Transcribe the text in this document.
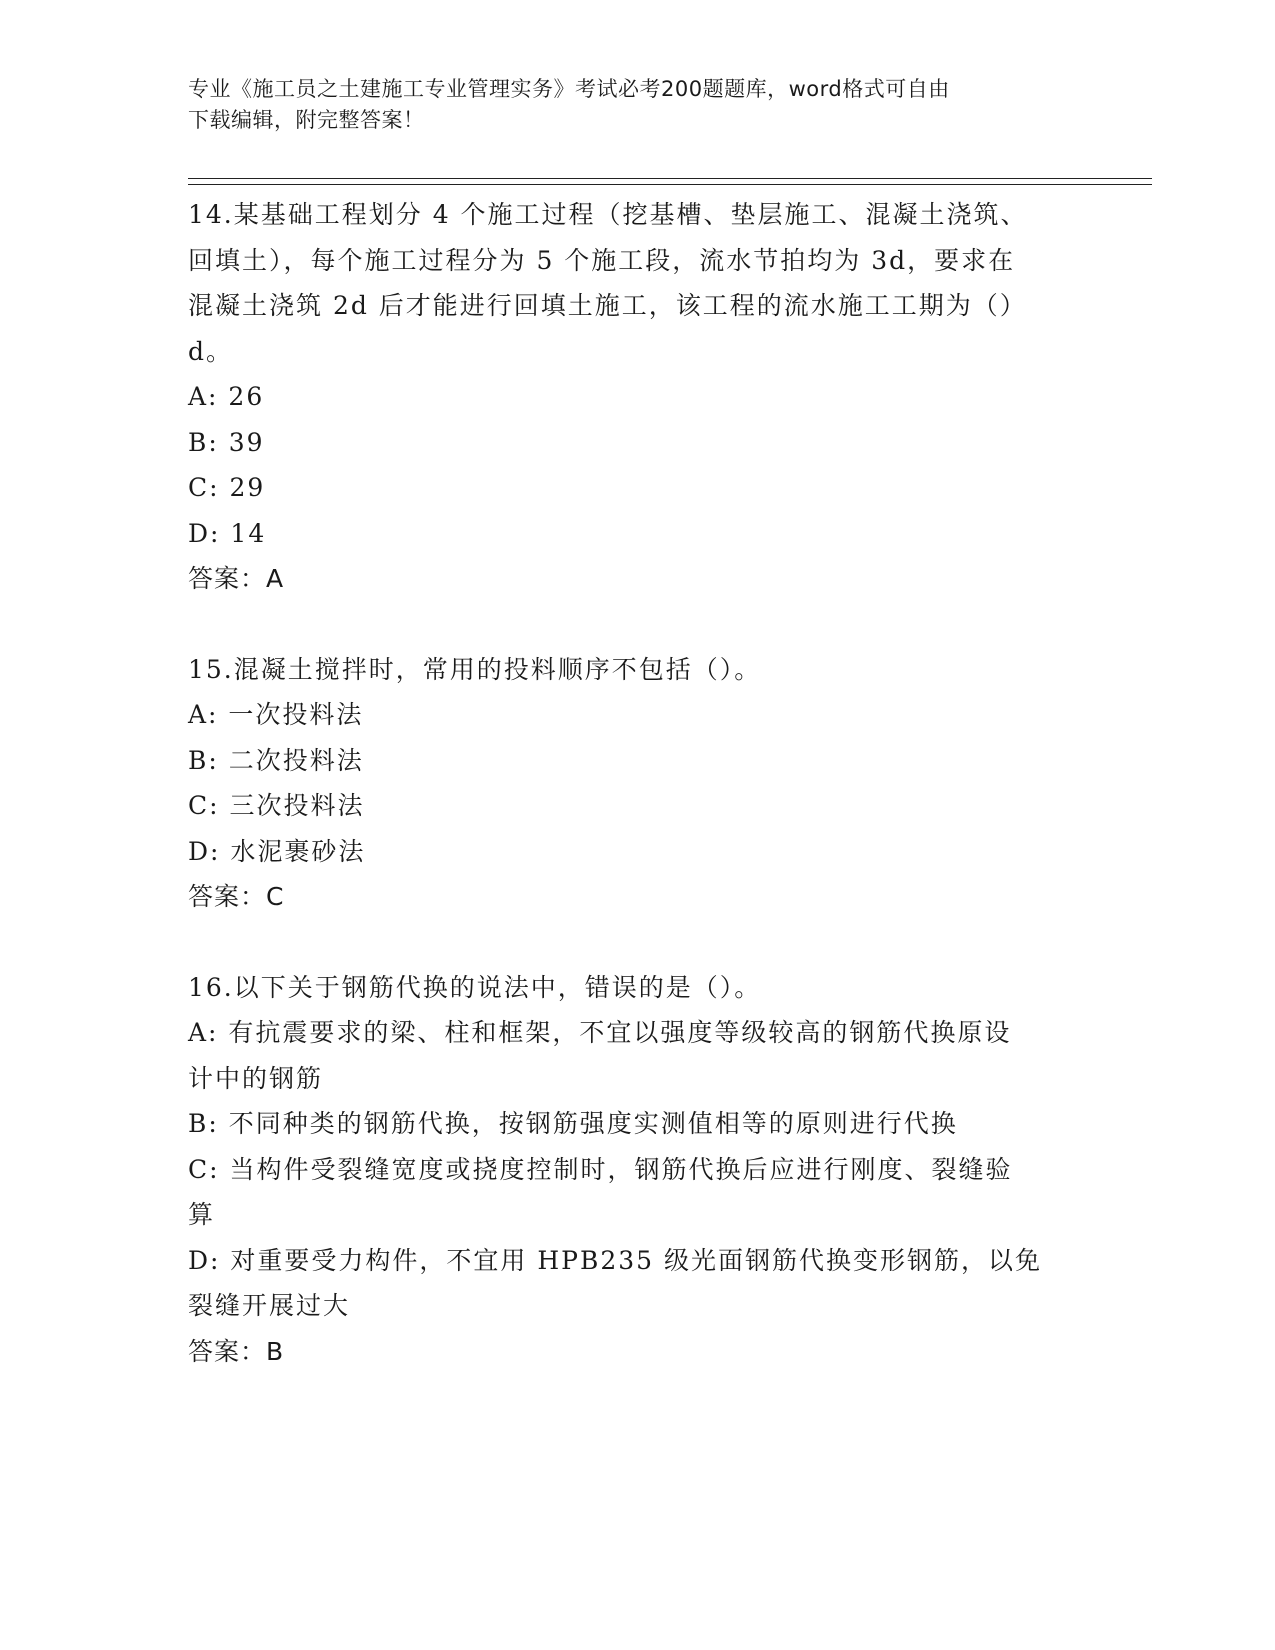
专业《施工员之土建施工专业管理实务》考试必考200题题库，word格式可自由
下载编辑，附完整答案！
14.某基础工程划分 4 个施工过程（挖基槽、垫层施工、混凝土浇筑、
回填土），每个施工过程分为 5 个施工段，流水节拍均为 3d，要求在
混凝土浇筑 2d 后才能进行回填土施工，该工程的流水施工工期为（）
d。
A: 26
B: 39
C: 29
D: 14
答案：A
15.混凝土搅拌时，常用的投料顺序不包括（）。
A: 一次投料法
B: 二次投料法
C: 三次投料法
D: 水泥裹砂法
答案：C
16.以下关于钢筋代换的说法中，错误的是（）。
A: 有抗震要求的梁、柱和框架，不宜以强度等级较高的钢筋代换原设
计中的钢筋
B: 不同种类的钢筋代换，按钢筋强度实测值相等的原则进行代换
C: 当构件受裂缝宽度或挠度控制时，钢筋代换后应进行刚度、裂缝验
算
D: 对重要受力构件，不宜用 HPB235 级光面钢筋代换变形钢筋，以免
裂缝开展过大
答案：B
